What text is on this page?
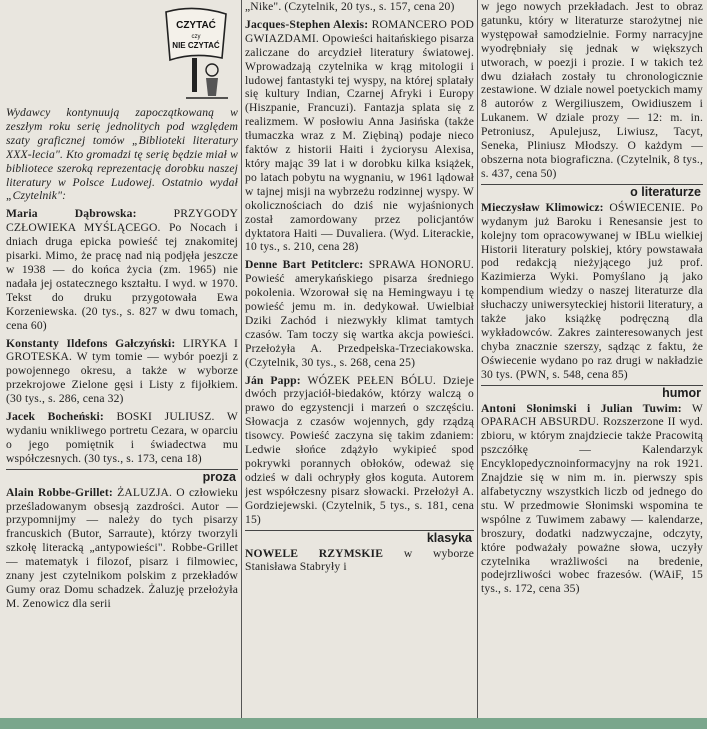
CZYTAĆ
czy
NIE CZYTAĆ

Wydawcy kontynuują zapoczątkowaną w zeszłym roku serię jednolitych pod względem szaty graficznej tomów „Biblioteki literatury XXX-lecia". Kto gromadzi tę serię będzie miał w bibliotece szeroką reprezentację dorobku naszej literatury w Polsce Ludowej. Ostatnio wydał „Czytelnik":

Maria Dąbrowska:	PRZYGODY CZŁOWIEKA MYŚLĄCEGO. Po Nocach i dniach druga epicka powieść tej znakomitej pisarki. Mimo, że pracę nad nią podjęła jeszcze w 1938 — do końca życia (zm. 1965) nie nadała jej ostatecznego kształtu. I wyd. w 1970. Tekst do druku przygotowała Ewa Korzeniewska. (20 tys., s. 827 w dwu tomach, cena 60)

Konstanty Ildefons Gałczyński: LIRYKA I GROTESKA. W tym tomie — wybór poezji z powojennego okresu, a także w wyborze przekrojowe Zielone gęsi i Listy z fijołkiem. (30 tys., s. 286, cena 32)

Jacek Bocheński: BOSKI JULIUSZ. W wydaniu wnikliwego portretu Cezara, w oparciu o jego pomiętnik i świadectwa mu współczesnych. (30 tys., s. 173, cena 18)

proza

Alain Robbe-Grillet: ŻALUZJA. O człowieku prześladowanym obsesją zazdrości. Autor — przypomnijmy — należy do tych pisarzy francuskich (Butor, Sarraute), którzy tworzyli szkołę literacką „antypowieści". Robbe-Grillet — matematyk i filozof, pisarz i filmowiec, znany jest czytelnikom polskim z przekładów Gumy oraz Domu schadzek. Żaluzję przełożyła M. Zenowicz dla serii

„Nike". (Czytelnik, 20 tys., s. 157, cena 20)

Jacques-Stephen Alexis: ROMANCERO POD GWIAZDAMI. Opowieści haitańskiego pisarza zaliczane do arcydzieł literatury światowej. Wprowadzają czytelnika w krąg mitologii i ludowej fantastyki tej wyspy, na której splatały się kultury Indian, Czarnej Afryki i Europy (Hiszpanie, Francuzi). Fantazja splata się z realizmem. W posłowiu Anna Jasińska (także tłumaczka wraz z M. Ziębiną) podaje nieco faktów z historii Haiti i życiorysu Alexisa, który mając 39 lat i w dorobku kilka książek, po latach pobytu na wygnaniu, w 1961 lądował w tajnej misji na wybrzeżu rodzinnej wyspy. W okolicznościach do dziś nie wyjaśnionych został zamordowany przez policjantów dyktatora Haiti — Duvaliera. (Wyd. Literackie, 10 tys., s. 210, cena 28)

Denne Bart Petitclerc: SPRAWA HONORU. Powieść amerykańskiego pisarza średniego pokolenia. Wzorował się na Hemingwayu i tę powieść jemu m. in. dedykował. Uwielbiał Dziki Zachód i niezwykły klimat tamtych czasów. Tam toczy się wartka akcja powieści. Przełożyła A. Przedpełska-Trzeciakowska. (Czytelnik, 30 tys., s. 268, cena 25)

Ján Papp: WÓZEK PEŁEN BÓLU. Dzieje dwóch przyjaciół-biedaków, którzy walczą o prawo do egzystencji i marzeń o szczęściu. Słowacja z czasów wojennych, gdy rządzą tisowcy. Powieść zaczyna się takim zdaniem: Ledwie słońce zdążyło wykipieć spod pokrywki porannych obłoków, odeważ się odzieś w dali ochrypły głos kogutа. Autorem jest współczesny pisarz słowacki. Przełożył A. Gordziejewski. (Czytelnik, 5 tys., s. 181, cena 15)

klasyka

NOWELE RZYMSKIE w wyborze Stanisława Stabryły i

w jego nowych przekładach. Jest to obraz gatunku, który w literaturze starożytnej nie występował samodzielnie. Formy narracyjne wyodrębniały się jednak w większych utworach, w poezji i prozie. I w takich też dwu działach zostały tu chronologicznie zestawione. W dziale nowel poetyckich mamy 8 autorów z Wergiliuszem, Owidiuszem i Lukanem. W dziale prozy — 12: m. in. Petroniusz, Apulejusz, Liwiusz, Tacyt, Seneka, Pliniusz Młodszy. O każdym — obszerna nota biograficzna. (Czytelnik, 8 tys., s. 437, cena 50)

o literaturze

Mieczysław Klimowicz: OŚWIECENIE. Po wydanym już Baroku i Renesansie jest to kolejny tom opracowywanej w IBLu wielkiej Historii literatury polskiej, który powstawała pod redakcją nieżyjącego już prof. Kazimierza Wyki. Pomyślano ją jako kompendium wiedzy o naszej literaturze dla słuchaczy uniwersyteckiej historii literatury, a także jako książkę podręczną dla wykładowców. Zakres zainteresowanych jest chyba znacznie szerszy, sądząc z faktu, że Oświecenie wydano po raz drugi w nakładzie 30 tys. (PWN, s. 548, cena 85)

humor

Antoni Słonimski i Julian Tuwim: W OPARACH ABSURDU. Rozszerzone II wyd. zbioru, w którym znajdziecie także Pracowitą pszczółkę — Kalendarzyk Encyklopedycznoinformacyjny na rok 1921. Znajdzie się w nim m. in. pierwszy spis alfabetyczny wszystkich liczb od jednego do stu. W przedmowie Słonimski wspomina te wspólne z Tuwimem zabawy — kalendarze, broszury, dodatki nadzwyczajne, odczyty, które podważały poważne słowa, uczyły czytelnika wrażliwości na bredenie, podejrzliwości wobec frazesów. (WAiF, 15 tys., s. 172, cena 35)
